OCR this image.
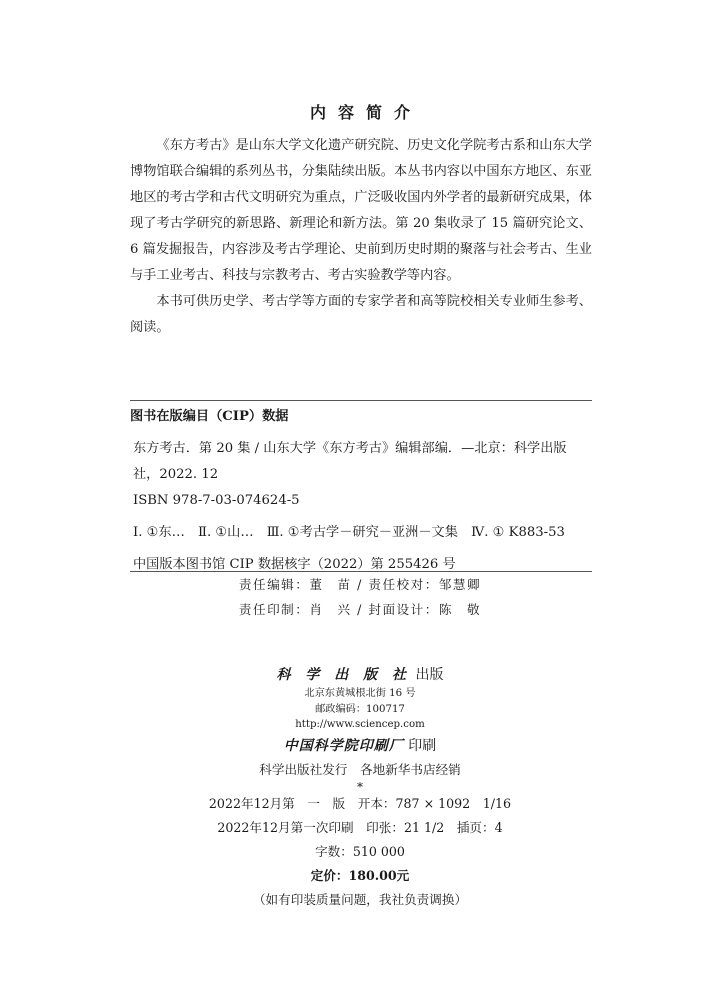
内容简介

《东方考古》是山东大学文化遗产研究院、历史文化学院考古系和山东大学博物馆联合编辑的系列丛书，分集陆续出版。本丛书内容以中国东方地区、东亚地区的考古学和古代文明研究为重点，广泛吸收国内外学者的最新研究成果，体现了考古学研究的新思路、新理论和新方法。第 20 集收录了 15 篇研究论文、6 篇发掘报告，内容涉及考古学理论、史前到历史时期的聚落与社会考古、生业与手工业考古、科技与宗教考古、考古实验教学等内容。

本书可供历史学、考古学等方面的专家学者和高等院校相关专业师生参考、阅读。

图书在版编目（CIP）数据
东方考古．第 20 集 / 山东大学《东方考古》编辑部编．—北京：科学出版社，2022. 12
ISBN 978-7-03-074624-5
Ⅰ. ①东…　Ⅱ. ①山…　Ⅲ. ①考古学－研究－亚洲－文集　Ⅳ. ① K883-53
中国版本图书馆 CIP 数据核字（2022）第 255426 号
责任编辑：董　苗 / 责任校对：邹慧卿
责任印制：肖　兴 / 封面设计：陈　敬
科 学 出 版 社 出版
北京东黄城根北街 16 号
邮政编码：100717
http://www.sciencep.com
中国科学院印刷厂 印刷
科学出版社发行　各地新华书店经销
*
2022年12月第　一　版　开本：787 × 1092　1/16
2022年12月第一次印刷　印张：21 1/2　插页：4
字数：510 000
定价：180.00元
（如有印装质量问题，我社负责调换）
